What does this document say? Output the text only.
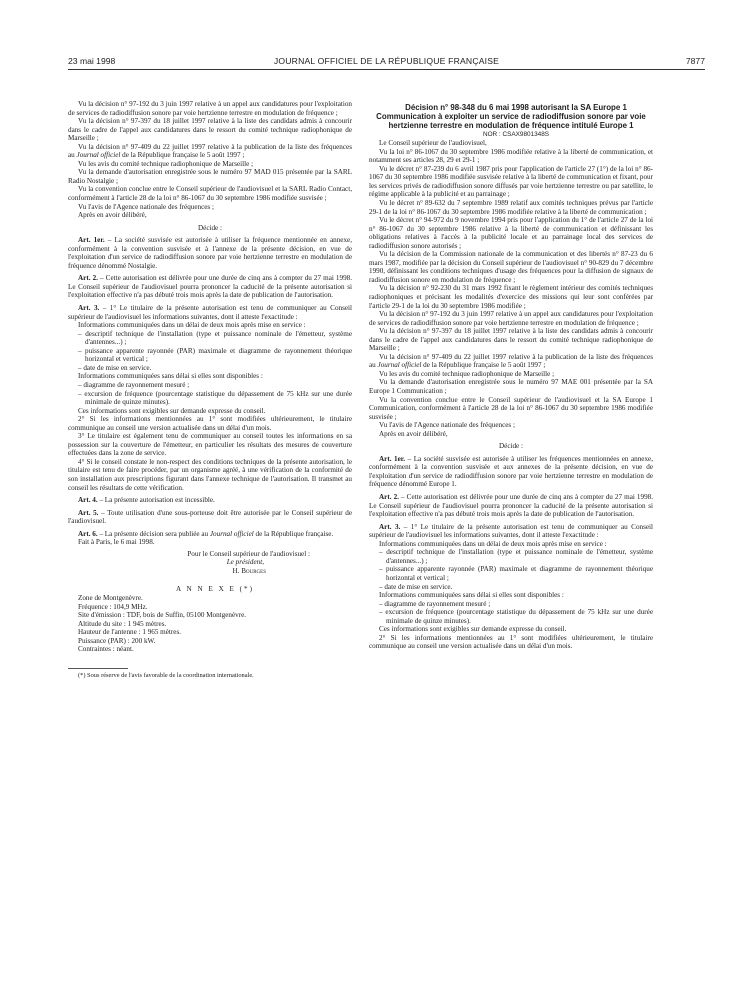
23 mai 1998	JOURNAL OFFICIEL DE LA RÉPUBLIQUE FRANÇAISE	7877

Vu la décision n° 97-192 du 3 juin 1997 relative à un appel aux candidatures pour l'exploitation de services de radiodiffusion sonore par voie hertzienne terrestre en modulation de fréquence ;

Vu la décision n° 97-397 du 18 juillet 1997 relative à la liste des candidats admis à concourir dans le cadre de l'appel aux candidatures dans le ressort du comité technique radiophonique de Marseille ;

Vu la décision n° 97-409 du 22 juillet 1997 relative à la publication de la liste des fréquences au Journal officiel de la République française le 5 août 1997 ;

Vu les avis du comité technique radiophonique de Marseille ;

Vu la demande d'autorisation enregistrée sous le numéro 97 MAD 015 présentée par la SARL Radio Nostalgie ;

Vu la convention conclue entre le Conseil supérieur de l'audiovisuel et la SARL Radio Contact, conformément à l'article 28 de la loi n° 86-1067 du 30 septembre 1986 modifiée susvisée ;

Vu l'avis de l'Agence nationale des fréquences ;

Après en avoir délibéré,

Décide :

Art. 1er. – La société susvisée est autorisée à utiliser la fréquence mentionnée en annexe, conformément à la convention susvisée et à l'annexe de la présente décision, en vue de l'exploitation d'un service de radiodiffusion sonore par voie hertzienne terrestre en modulation de fréquence dénommé Nostalgie.

Art. 2. – Cette autorisation est délivrée pour une durée de cinq ans à compter du 27 mai 1998. Le Conseil supérieur de l'audiovisuel pourra prononcer la caducité de la présente autorisation si l'exploitation effective n'a pas débuté trois mois après la date de publication de l'autorisation.

Art. 3. – 1° Le titulaire de la présente autorisation est tenu de communiquer au Conseil supérieur de l'audiovisuel les informations suivantes, dont il atteste l'exactitude :

Informations communiquées dans un délai de deux mois après mise en service :

– descriptif technique de l'installation (type et puissance nominale de l'émetteur, système d'antennes...) ;

– puissance apparente rayonnée (PAR) maximale et diagramme de rayonnement théorique horizontal et vertical ;

– date de mise en service.

Informations communiquées sans délai si elles sont disponibles :

– diagramme de rayonnement mesuré ;

– excursion de fréquence (pourcentage statistique du dépassement de 75 kHz sur une durée minimale de quinze minutes).

Ces informations sont exigibles sur demande expresse du conseil.

2° Si les informations mentionnées au 1° sont modifiées ultérieurement, le titulaire communique au conseil une version actualisée dans un délai d'un mois.

3° Le titulaire est également tenu de communiquer au conseil toutes les informations en sa possession sur la couverture de l'émetteur, en particulier les résultats des mesures de couverture effectuées dans la zone de service.

4° Si le conseil constate le non-respect des conditions techniques de la présente autorisation, le titulaire est tenu de faire procéder, par un organisme agréé, à une vérification de la conformité de son installation aux prescriptions figurant dans l'annexe technique de l'autorisation. Il transmet au conseil les résultats de cette vérification.

Art. 4. – La présente autorisation est incessible.

Art. 5. – Toute utilisation d'une sous-porteuse doit être autorisée par le Conseil supérieur de l'audiovisuel.

Art. 6. – La présente décision sera publiée au Journal officiel de la République française.

Fait à Paris, le 6 mai 1998.

Pour le Conseil supérieur de l'audiovisuel :

Le président,

H. Bourges

A N N E X E (*)

Zone de Montgenèvre.

Fréquence : 104,9 MHz.

Site d'émission : TDF, bois de Suffin, 05100 Montgenèvre.

Altitude du site : 1 945 mètres.

Hauteur de l'antenne : 1 965 mètres.

Puissance (PAR) : 200 kW.

Contraintes : néant.

(*) Sous réserve de l'avis favorable de la coordination internationale.

Décision n° 98-348 du 6 mai 1998 autorisant la SA Europe 1 Communication à exploiter un service de radiodiffusion sonore par voie hertzienne terrestre en modulation de fréquence intitulé Europe 1

NOR : CSAX9801348S

Le Conseil supérieur de l'audiovisuel,

Vu la loi n° 86-1067 du 30 septembre 1986 modifiée relative à la liberté de communication, et notamment ses articles 28, 29 et 29-1 ;

Vu le décret n° 87-239 du 6 avril 1987 pris pour l'application de l'article 27 (1°) de la loi n° 86-1067 du 30 septembre 1986 modifiée susvisée relative à la liberté de communication et fixant, pour les services privés de radiodiffusion sonore diffusés par voie hertzienne terrestre ou par satellite, le régime applicable à la publicité et au parrainage ;

Vu le décret n° 89-632 du 7 septembre 1989 relatif aux comités techniques prévus par l'article 29-1 de la loi n° 86-1067 du 30 septembre 1986 modifiée relative à la liberté de communication ;

Vu le décret n° 94-972 du 9 novembre 1994 pris pour l'application du 1° de l'article 27 de la loi n° 86-1067 du 30 septembre 1986 relative à la liberté de communication et définissant les obligations relatives à l'accès à la publicité locale et au parrainage local des services de radiodiffusion sonore autorisés ;

Vu la décision de la Commission nationale de la communication et des libertés n° 87-23 du 6 mars 1987, modifiée par la décision du Conseil supérieur de l'audiovisuel n° 90-829 du 7 décembre 1990, définissant les conditions techniques d'usage des fréquences pour la diffusion de signaux de radiodiffusion sonore en modulation de fréquence ;

Vu la décision n° 92-230 du 31 mars 1992 fixant le règlement intérieur des comités techniques radiophoniques et précisant les modalités d'exercice des missions qui leur sont conférées par l'article 29-1 de la loi du 30 septembre 1986 modifiée ;

Vu la décision n° 97-192 du 3 juin 1997 relative à un appel aux candidatures pour l'exploitation de services de radiodiffusion sonore par voie hertzienne terrestre en modulation de fréquence ;

Vu la décision n° 97-397 du 18 juillet 1997 relative à la liste des candidats admis à concourir dans le cadre de l'appel aux candidatures dans le ressort du comité technique radiophonique de Marseille ;

Vu la décision n° 97-409 du 22 juillet 1997 relative à la publication de la liste des fréquences au Journal officiel de la République française le 5 août 1997 ;

Vu les avis du comité technique radiophonique de Marseille ;

Vu la demande d'autorisation enregistrée sous le numéro 97 MAE 001 présentée par la SA Europe 1 Communication ;

Vu la convention conclue entre le Conseil supérieur de l'audiovisuel et la SA Europe 1 Communication, conformément à l'article 28 de la loi n° 86-1067 du 30 septembre 1986 modifiée susvisée ;

Vu l'avis de l'Agence nationale des fréquences ;

Après en avoir délibéré,

Décide :

Art. 1er. – La société susvisée est autorisée à utiliser les fréquences mentionnées en annexe, conformément à la convention susvisée et aux annexes de la présente décision, en vue de l'exploitation d'un service de radiodiffusion sonore par voie hertzienne terrestre en modulation de fréquence dénommé Europe 1.

Art. 2. – Cette autorisation est délivrée pour une durée de cinq ans à compter du 27 mai 1998. Le Conseil supérieur de l'audiovisuel pourra prononcer la caducité de la présente autorisation si l'exploitation effective n'a pas débuté trois mois après la date de publication de l'autorisation.

Art. 3. – 1° Le titulaire de la présente autorisation est tenu de communiquer au Conseil supérieur de l'audiovisuel les informations suivantes, dont il atteste l'exactitude :

Informations communiquées dans un délai de deux mois après mise en service :

– descriptif technique de l'installation (type et puissance nominale de l'émetteur, système d'antennes...) ;

– puissance apparente rayonnée (PAR) maximale et diagramme de rayonnement théorique horizontal et vertical ;

– date de mise en service.

Informations communiquées sans délai si elles sont disponibles :

– diagramme de rayonnement mesuré ;

– excursion de fréquence (pourcentage statistique du dépassement de 75 kHz sur une durée minimale de quinze minutes).

Ces informations sont exigibles sur demande expresse du conseil.

2° Si les informations mentionnées au 1° sont modifiées ultérieurement, le titulaire communique au conseil une version actualisée dans un délai d'un mois.
